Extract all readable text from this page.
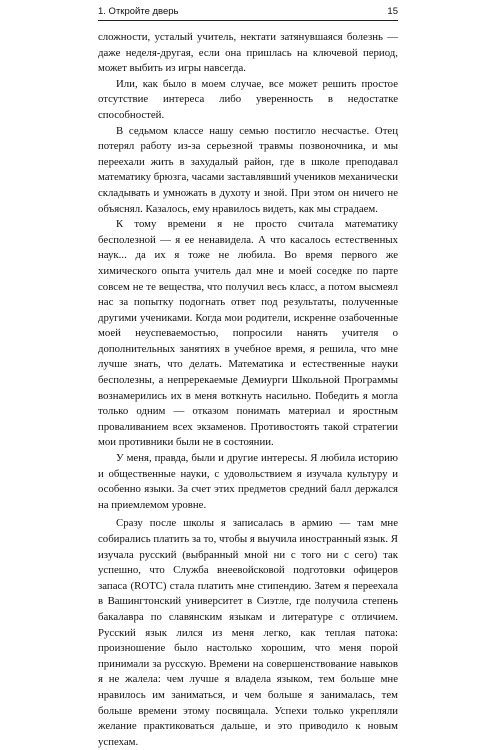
1. Откройте дверь	15

сложности, усталый учитель, нектати затянувшаяся болезнь — даже неделя-другая, если она пришлась на ключевой период, может выбить из игры навсегда.

Или, как было в моем случае, все может решить простое отсутствие интереса либо уверенность в недостатке способностей.

В седьмом классе нашу семью постигло несчастье. Отец потерял работу из-за серьезной травмы позвоночника, и мы переехали жить в захудалый район, где в школе преподавал математику брюзга, часами заставлявший учеников механически складывать и умножать в духоту и зной. При этом он ничего не объяснял. Казалось, ему нравилось видеть, как мы страдаем.

К тому времени я не просто считала математику бесполезной — я ее ненавидела. А что касалось естественных наук... да их я тоже не любила. Во время первого же химического опыта учитель дал мне и моей соседке по парте совсем не те вещества, что получил весь класс, а потом высмеял нас за попытку подогнать ответ под результаты, полученные другими учениками. Когда мои родители, искренне озабоченные моей неуспеваемостью, попросили нанять учителя о дополнительных занятиях в учебное время, я решила, что мне лучше знать, что делать. Математика и естественные науки бесполезны, а непререкаемые Демиурги Школьной Программы вознамерились их в меня воткнуть насильно. Победить я могла только одним — отказом понимать материал и яростным проваливанием всех экзаменов. Противостоять такой стратегии мои противники были не в состоянии.

У меня, правда, были и другие интересы. Я любила историю и общественные науки, с удовольствием я изучала культуру и особенно языки. За счет этих предметов средний балл держался на приемлемом уровне.

Сразу после школы я записалась в армию — там мне собирались платить за то, чтобы я выучила иностранный язык. Я изучала русский (выбранный мной ни с того ни с сего) так успешно, что Служба внеевойсковой подготовки офицеров запаса (ROTC) стала платить мне стипендию. Затем я переехала в Вашингтонский университет в Сиэтле, где получила степень бакалавра по славянским языкам и литературе с отличием. Русский язык лился из меня легко, как теплая патока: произношение было настолько хорошим, что меня порой принимали за русскую. Времени на совершенствование навыков я не жалела: чем лучше я владела языком, тем больше мне нравилось им заниматься, и чем больше я занималась, тем больше времени этому посвящала. Успехи только укрепляли желание практиковаться дальше, и это приводило к новым успехам.
